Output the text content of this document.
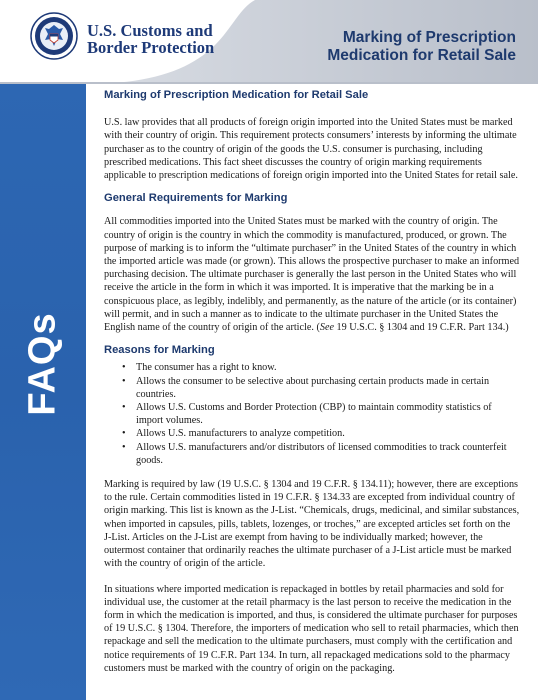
U.S. Customs and
Border Protection
Marking of Prescription
Medication for Retail Sale
FAQs
Marking of Prescription Medication for Retail Sale

U.S. law provides that all products of foreign origin imported into the United States must be marked with their country of origin. This requirement protects consumers’ interests by informing the ultimate purchaser as to the country of origin of the goods the U.S. consumer is purchasing, including prescribed medications. This fact sheet discusses the country of origin marking requirements applicable to prescription medications of foreign origin imported into the United States for retail sale.

General Requirements for Marking

All commodities imported into the United States must be marked with the country of origin. The country of origin is the country in which the commodity is manufactured, produced, or grown. The purpose of marking is to inform the “ultimate purchaser” in the United States of the country in which the imported article was made (or grown). This allows the prospective purchaser to make an informed purchasing decision. The ultimate purchaser is generally the last person in the United States who will receive the article in the form in which it was imported. It is imperative that the marking be in a conspicuous place, as legibly, indelibly, and permanently, as the nature of the article (or its container) will permit, and in such a manner as to indicate to the ultimate purchaser in the United States the English name of the country of origin of the article. (See 19 U.S.C. § 1304 and 19 C.F.R. Part 134.)

Reasons for Marking
• The consumer has a right to know.
• Allows the consumer to be selective about purchasing certain products made in certain countries.
• Allows U.S. Customs and Border Protection (CBP) to maintain commodity statistics of import volumes.
• Allows U.S. manufacturers to analyze competition.
• Allows U.S. manufacturers and/or distributors of licensed commodities to track counterfeit goods.

Marking is required by law (19 U.S.C. § 1304 and 19 C.F.R. § 134.11); however, there are exceptions to the rule. Certain commodities listed in 19 C.F.R. § 134.33 are excepted from individual country of origin marking. This list is known as the J-List. “Chemicals, drugs, medicinal, and similar substances, when imported in capsules, pills, tablets, lozenges, or troches,” are excepted articles set forth on the J-List. Articles on the J-List are exempt from having to be individually marked; however, the outermost container that ordinarily reaches the ultimate purchaser of a J-List article must be marked with the country of origin of the article.

In situations where imported medication is repackaged in bottles by retail pharmacies and sold for individual use, the customer at the retail pharmacy is the last person to receive the medication in the form in which the medication is imported, and thus, is considered the ultimate purchaser for purposes of 19 U.S.C. § 1304. Therefore, the importers of medication who sell to retail pharmacies, which then repackage and sell the medication to the ultimate purchasers, must comply with the certification and notice requirements of 19 C.F.R. Part 134. In turn, all repackaged medications sold to the pharmacy customers must be marked with the country of origin on the packaging.
